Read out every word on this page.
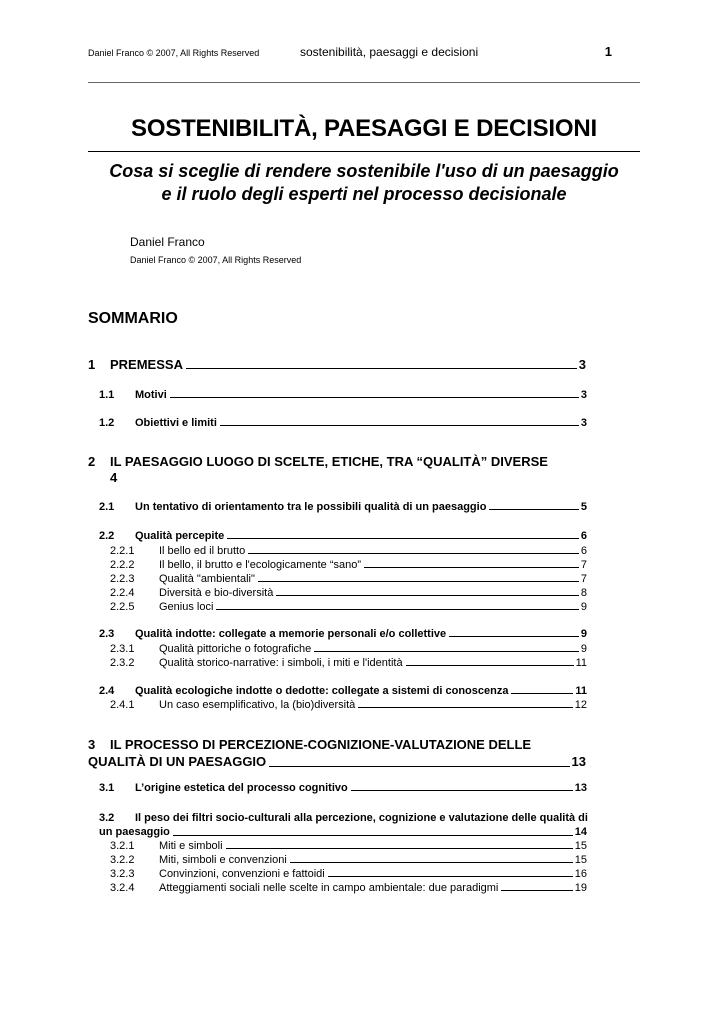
Daniel Franco © 2007, All Rights Reserved	sostenibilità, paesaggi e decisioni	1
SOSTENIBILITÀ, PAESAGGI E DECISIONI
Cosa si sceglie di rendere sostenibile l'uso di un paesaggio
e il ruolo degli esperti nel processo decisionale
Daniel Franco
Daniel Franco © 2007, All Rights Reserved
SOMMARIO
1	PREMESSA	3
1.1	Motivi	3
1.2	Obiettivi e limiti	3
2 IL PAESAGGIO LUOGO DI SCELTE, ETICHE, TRA “QUALITÀ” DIVERSE
4
2.1	Un tentativo di orientamento tra le possibili qualità di un paesaggio	5
2.2	Qualità percepite	6
2.2.1	Il bello ed il brutto	6
2.2.2	Il bello, il brutto e l'ecologicamente “sano”	7
2.2.3	Qualità "ambientali"	7
2.2.4	Diversità e bio-diversità	8
2.2.5	Genius loci	9
2.3	Qualità indotte: collegate a memorie personali e/o collettive	9
2.3.1	Qualità pittoriche o fotografiche	9
2.3.2	Qualità storico-narrative: i simboli, i miti e l'identità	11
2.4	Qualità ecologiche indotte o dedotte: collegate a sistemi di conoscenza	11
2.4.1	Un caso esemplificativo, la (bio)diversità	12
3 IL PROCESSO DI PERCEZIONE-COGNIZIONE-VALUTAZIONE DELLE
QUALITÀ DI UN PAESAGGIO	13
3.1	L’origine estetica del processo cognitivo	13
3.2 Il peso dei filtri socio-culturali alla percezione, cognizione e valutazione delle qualità di
un paesaggio	14
3.2.1	Miti e simboli	15
3.2.2	Miti, simboli e convenzioni	15
3.2.3	Convinzioni, convenzioni e fattoidi	16
3.2.4	Atteggiamenti sociali nelle scelte in campo ambientale: due paradigmi	19
